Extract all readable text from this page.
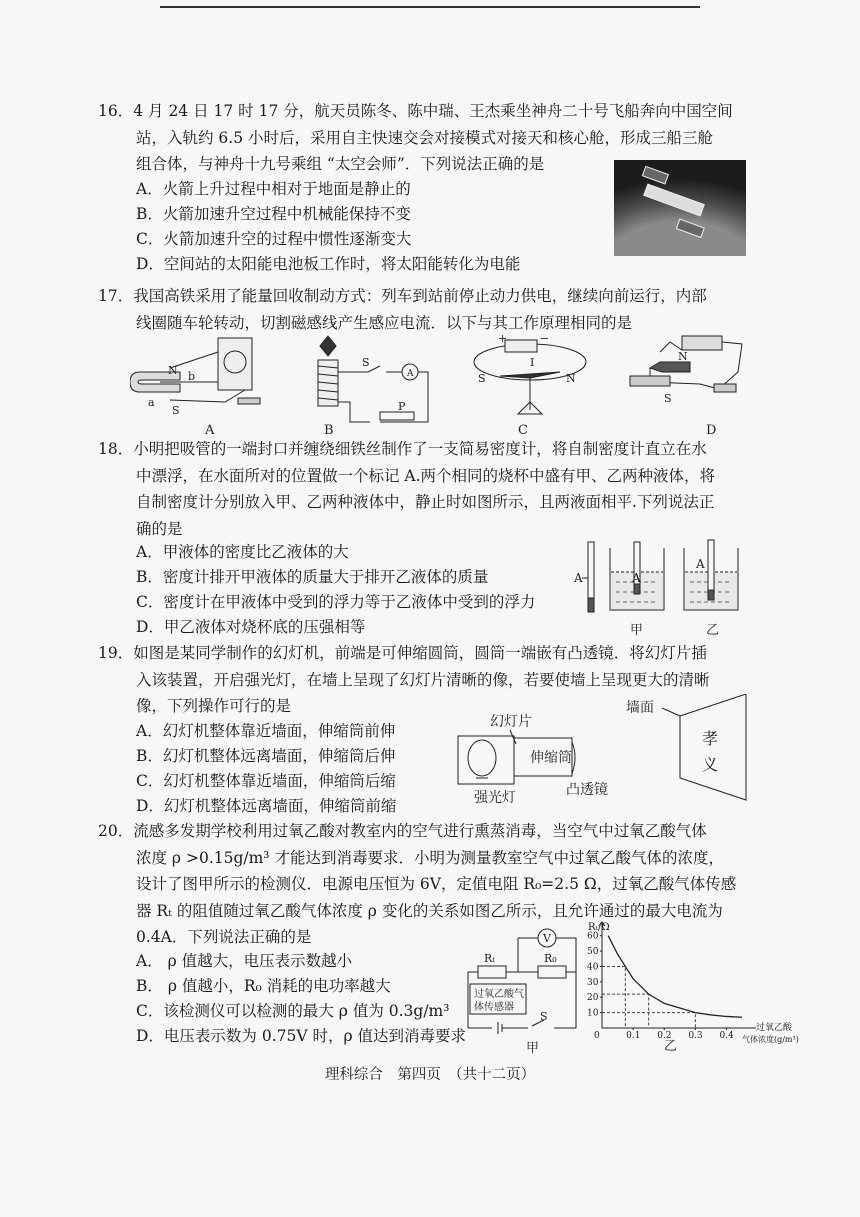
16．4 月 24 日 17 时 17 分，航天员陈冬、陈中瑞、王杰乘坐神舟二十号飞船奔向中国空间
站，入轨约 6.5 小时后，采用自主快速交会对接模式对接天和核心舱，形成三船三舱
组合体，与神舟十九号乘组 “太空会师”．下列说法正确的是
A．火箭上升过程中相对于地面是静止的
B．火箭加速升空过程中机械能保持不变
C．火箭加速升空的过程中惯性逐渐变大
D．空间站的太阳能电池板工作时，将太阳能转化为电能
17．我国高铁采用了能量回收制动方式：列车到站前停止动力供电，继续向前运行，内部
线圈随车轮转动，切割磁感线产生感应电流．以下与其工作原理相同的是
N b
a
S
A
A
S
P
B
+	−
I
S	N
C
N
S
D
18．小明把吸管的一端封口并缠绕细铁丝制作了一支简易密度计，将自制密度计直立在水
中漂浮，在水面所对的位置做一个标记 A.两个相同的烧杯中盛有甲、乙两种液体，将
自制密度计分别放入甲、乙两种液体中，静止时如图所示，且两液面相平.下列说法正
确的是
A．甲液体的密度比乙液体的大
B．密度计排开甲液体的质量大于排开乙液体的质量
C．密度计在甲液体中受到的浮力等于乙液体中受到的浮力
D．甲乙液体对烧杯底的压强相等
A	A
甲
A
乙
19．如图是某同学制作的幻灯机，前端是可伸缩圆筒，圆筒一端嵌有凸透镜．将幻灯片插
入该装置，开启强光灯，在墙上呈现了幻灯片清晰的像，若要使墙上呈现更大的清晰
像，下列操作可行的是
A．幻灯机整体靠近墙面，伸缩筒前伸
B．幻灯机整体远离墙面，伸缩筒后伸
C．幻灯机整体靠近墙面，伸缩筒后缩
D．幻灯机整体远离墙面，伸缩筒前缩
幻灯片
伸缩筒
强光灯	凸透镜
墙面
孝
义
20．流感多发期学校利用过氧乙酸对教室内的空气进行熏蒸消毒，当空气中过氧乙酸气体
浓度 ρ >0.15g/m³ 才能达到消毒要求．小明为测量教室空气中过氧乙酸气体的浓度，
设计了图甲所示的检测仪．电源电压恒为 6V，定值电阻 R₀=2.5 Ω，过氧乙酸气体传感
器 Rₜ 的阻值随过氧乙酸气体浓度 ρ 变化的关系如图乙所示，且允许通过的最大电流为
0.4A．下列说法正确的是
A． ρ 值越大，电压表示数越小
B． ρ 值越小，R₀ 消耗的电功率越大
C．该检测仪可以检测的最大 ρ 值为 0.3g/m³
D．电压表示数为 0.75V 时，ρ 值达到消毒要求
V
Rₜ	R₀
过氧乙酸气
体传感器
S
甲
10
20
30
40
50
60
0.1 0.2 0.3 0.4
Rₜ/Ω
0
过氧乙酸
气体浓度(g/m³)
乙
理科综合　第四页　（共十二页）
